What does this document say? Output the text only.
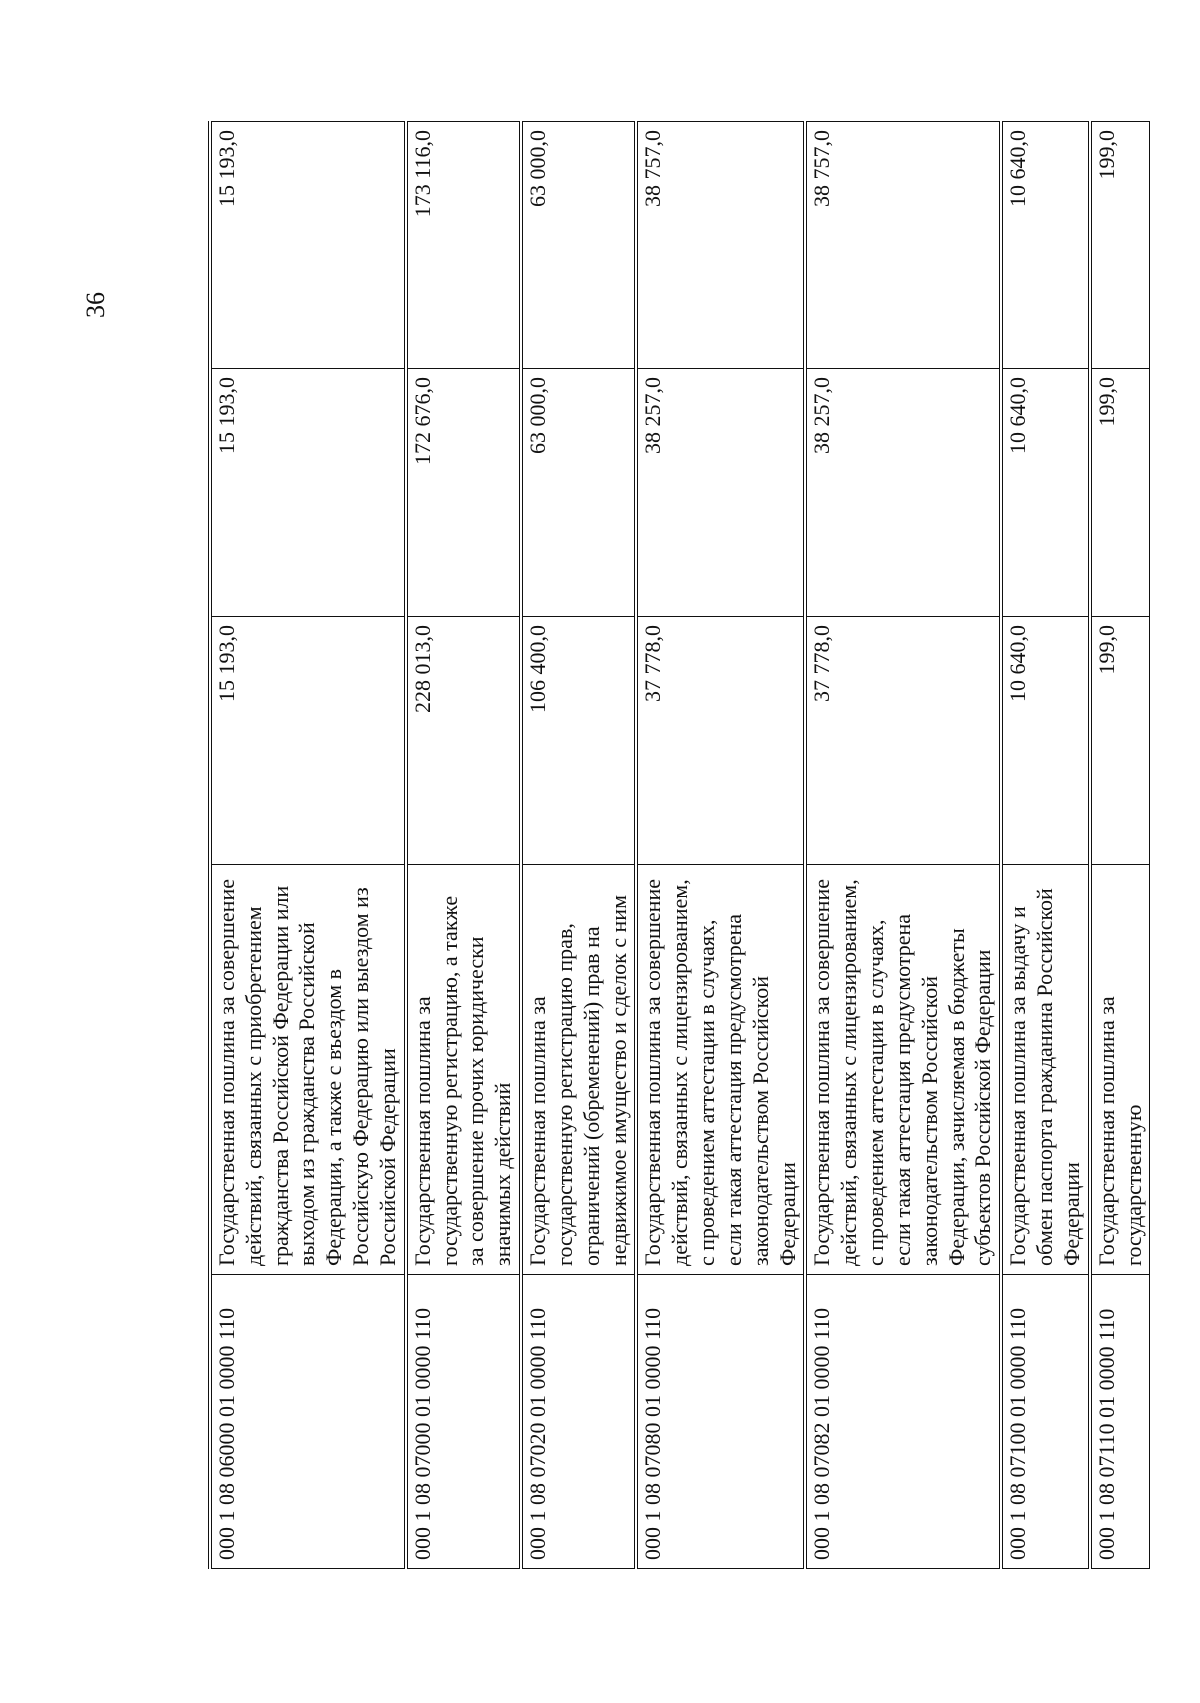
36
000 1 08 06000 01 0000 110	Государственная пошлина за совершение действий, связанных с приобретением гражданства Российской Федерации или выходом из гражданства Российской Федерации, а также с въездом в Российскую Федерацию или выездом из Российской Федерации	15 193,0	15 193,0	15 193,0
000 1 08 07000 01 0000 110	Государственная пошлина за государственную регистрацию, а также за совершение прочих юридически значимых действий	228 013,0	172 676,0	173 116,0
000 1 08 07020 01 0000 110	Государственная пошлина за государственную регистрацию прав, ограничений (обременений) прав на недвижимое имущество и сделок с ним	106 400,0	63 000,0	63 000,0
000 1 08 07080 01 0000 110	Государственная пошлина за совершение действий, связанных с лицензированием, с проведением аттестации в случаях, если такая аттестация предусмотрена законодательством Российской Федерации	37 778,0	38 257,0	38 757,0
000 1 08 07082 01 0000 110	Государственная пошлина за совершение действий, связанных с лицензированием, с проведением аттестации в случаях, если такая аттестация предусмотрена законодательством Российской Федерации, зачисляемая в бюджеты субъектов Российской Федерации	37 778,0	38 257,0	38 757,0
000 1 08 07100 01 0000 110	Государственная пошлина за выдачу и обмен паспорта гражданина Российской Федерации	10 640,0	10 640,0	10 640,0
000 1 08 07110 01 0000 110	Государственная пошлина за государственную	199,0	199,0	199,0
